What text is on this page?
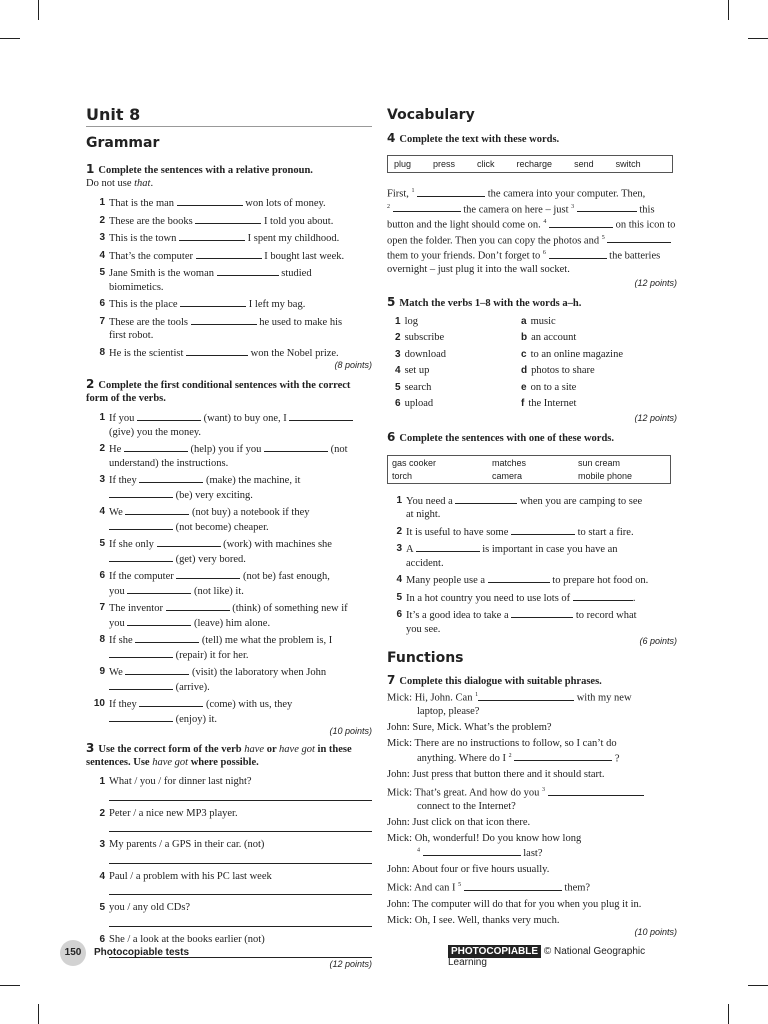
Unit 8
Grammar

1 Complete the sentences with a relative pronoun.
Do not use that.

1 That is the man	won lots of money.

2 These are the books	I told you about.

3 This is the town	I spent my childhood.

4 That’s the computer	I bought last week.

5 Jane Smith is the woman	studied
biomimetics.

6 This is the place	I left my bag.

7 These are the tools	he used to make his
first robot.

8 He is the scientist	won the Nobel prize.

(8 points)

2 Complete the first conditional sentences with the correct form of the verbs.

1 If you	(want) to buy one, I
(give) you the money.

2 He	(help) you if you	(not
understand) the instructions.

3 If they	(make) the machine, it
(be) very exciting.

4 We	(not buy) a notebook if they
(not become) cheaper.

5 If she only	(work) with machines she
(get) very bored.

6 If the computer	(not be) fast enough,
you	(not like) it.

7 The inventor	(think) of something new if
you	(leave) him alone.

8 If she	(tell) me what the problem is, I
(repair) it for her.

9 We	(visit) the laboratory when John
(arrive).

10 If they	(come) with us, they
(enjoy) it.

(10 points)

3 Use the correct form of the verb have or have got in these sentences. Use have got where possible.

1 What / you / for dinner last night?

2 Peter / a nice new MP3 player.

3 My parents / a GPS in their car. (not)

4 Paul / a problem with his PC last week

5 you / any old CDs?

6 She / a look at the books earlier (not)

(12 points)

Vocabulary

4 Complete the text with these words.

plug press click recharge send switch

First, $^1$	the camera into your computer. Then,
$^2$	the camera on here – just $^3$	this button and the light should come on. $^4$	on this icon to open the folder. Then you can copy the photos and $^5$  them to your friends. Don’t forget to $^6$	the batteries overnight – just plug it into the wall socket.

(12 points)

5 Match the verbs 1–8 with the words a–h.

1 log	a music
2 subscribe	b an account
3 download	c to an online magazine
4 set up	d photos to share
5 search	e on to a site
6 upload	f the Internet

(12 points)

6 Complete the sentences with one of these words.

gas cooker	matches	sun cream
torch	camera	mobile phone

1 You need a	when you are camping to see
at night.

2 It is useful to have some	to start a fire.

3 A	is important in case you have an
accident.

4 Many people use a	to prepare hot food on.

5 In a hot country you need to use lots of	.

6 It’s a good idea to take a	to record what
you see.

(6 points)

Functions

7 Complete this dialogue with suitable phrases.

Mick: Hi, John. Can $^1$	with my new
laptop, please?

John: Sure, Mick. What’s the problem?

Mick: There are no instructions to follow, so I can’t do
anything. Where do I $^2$	?

John: Just press that button there and it should start.

Mick: That’s great. And how do you $^3$
connect to the Internet?

John: Just click on that icon there.

Mick: Oh, wonderful! Do you know how long
$^4$	last?

John: About four or five hours usually.

Mick: And can I $^5$	them?

John: The computer will do that for you when you plug it in.

Mick: Oh, I see. Well, thanks very much.

(10 points)

150	Photocopiable tests	PHOTOCOPIABLE © National Geographic Learning
